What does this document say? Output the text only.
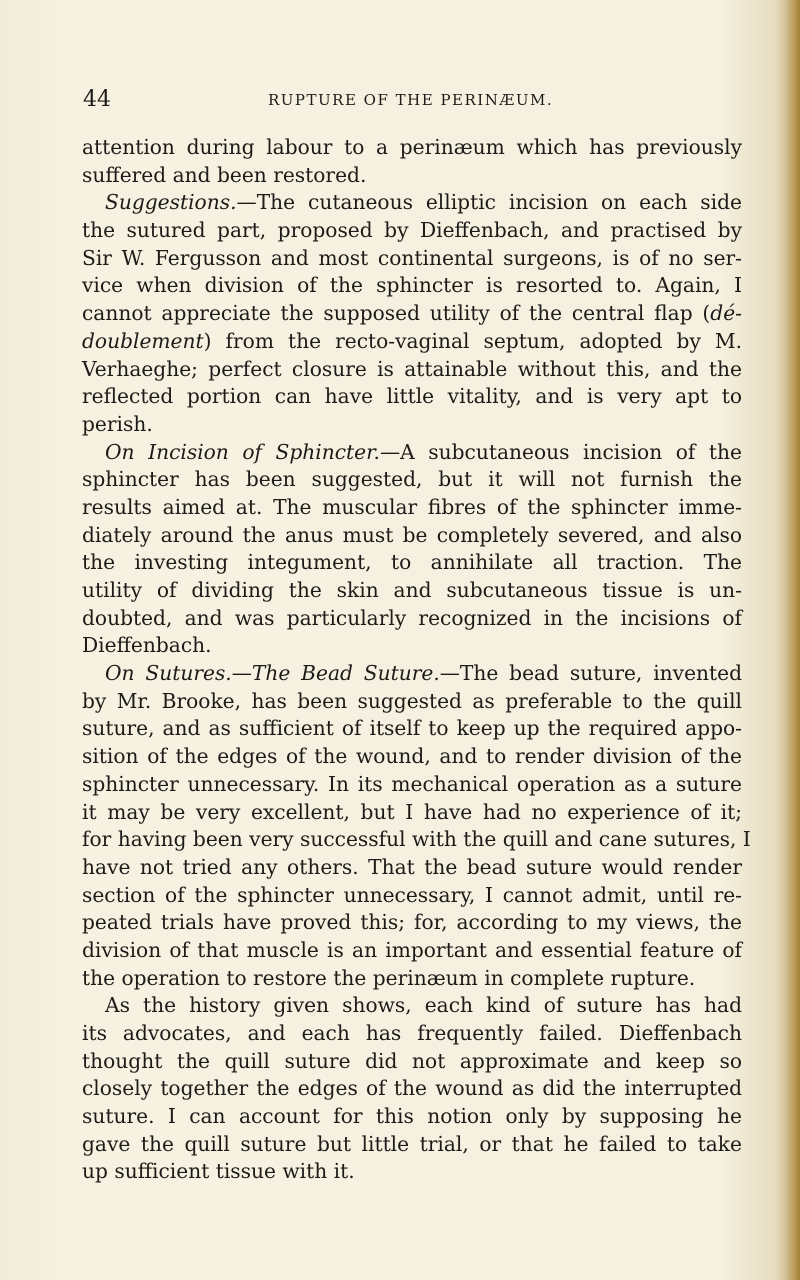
44	RUPTURE OF THE PERINÆUM.
attention during labour to a perinæum which has previously
suffered and been restored.
Suggestions.—The cutaneous elliptic incision on each side
the sutured part, proposed by Dieffenbach, and practised by
Sir W. Fergusson and most continental surgeons, is of no ser-
vice when division of the sphincter is resorted to. Again, I
cannot appreciate the supposed utility of the central flap (dé-
doublement) from the recto-vaginal septum, adopted by M.
Verhaeghe; perfect closure is attainable without this, and the
reflected portion can have little vitality, and is very apt to
perish.
On Incision of Sphincter.—A subcutaneous incision of the
sphincter has been suggested, but it will not furnish the
results aimed at. The muscular fibres of the sphincter imme-
diately around the anus must be completely severed, and also
the investing integument, to annihilate all traction. The
utility of dividing the skin and subcutaneous tissue is un-
doubted, and was particularly recognized in the incisions of
Dieffenbach.
On Sutures.—The Bead Suture.—The bead suture, invented
by Mr. Brooke, has been suggested as preferable to the quill
suture, and as sufficient of itself to keep up the required appo-
sition of the edges of the wound, and to render division of the
sphincter unnecessary. In its mechanical operation as a suture
it may be very excellent, but I have had no experience of it;
for having been very successful with the quill and cane sutures, I
have not tried any others. That the bead suture would render
section of the sphincter unnecessary, I cannot admit, until re-
peated trials have proved this; for, according to my views, the
division of that muscle is an important and essential feature of
the operation to restore the perinæum in complete rupture.
As the history given shows, each kind of suture has had
its advocates, and each has frequently failed. Dieffenbach
thought the quill suture did not approximate and keep so
closely together the edges of the wound as did the interrupted
suture. I can account for this notion only by supposing he
gave the quill suture but little trial, or that he failed to take
up sufficient tissue with it.
